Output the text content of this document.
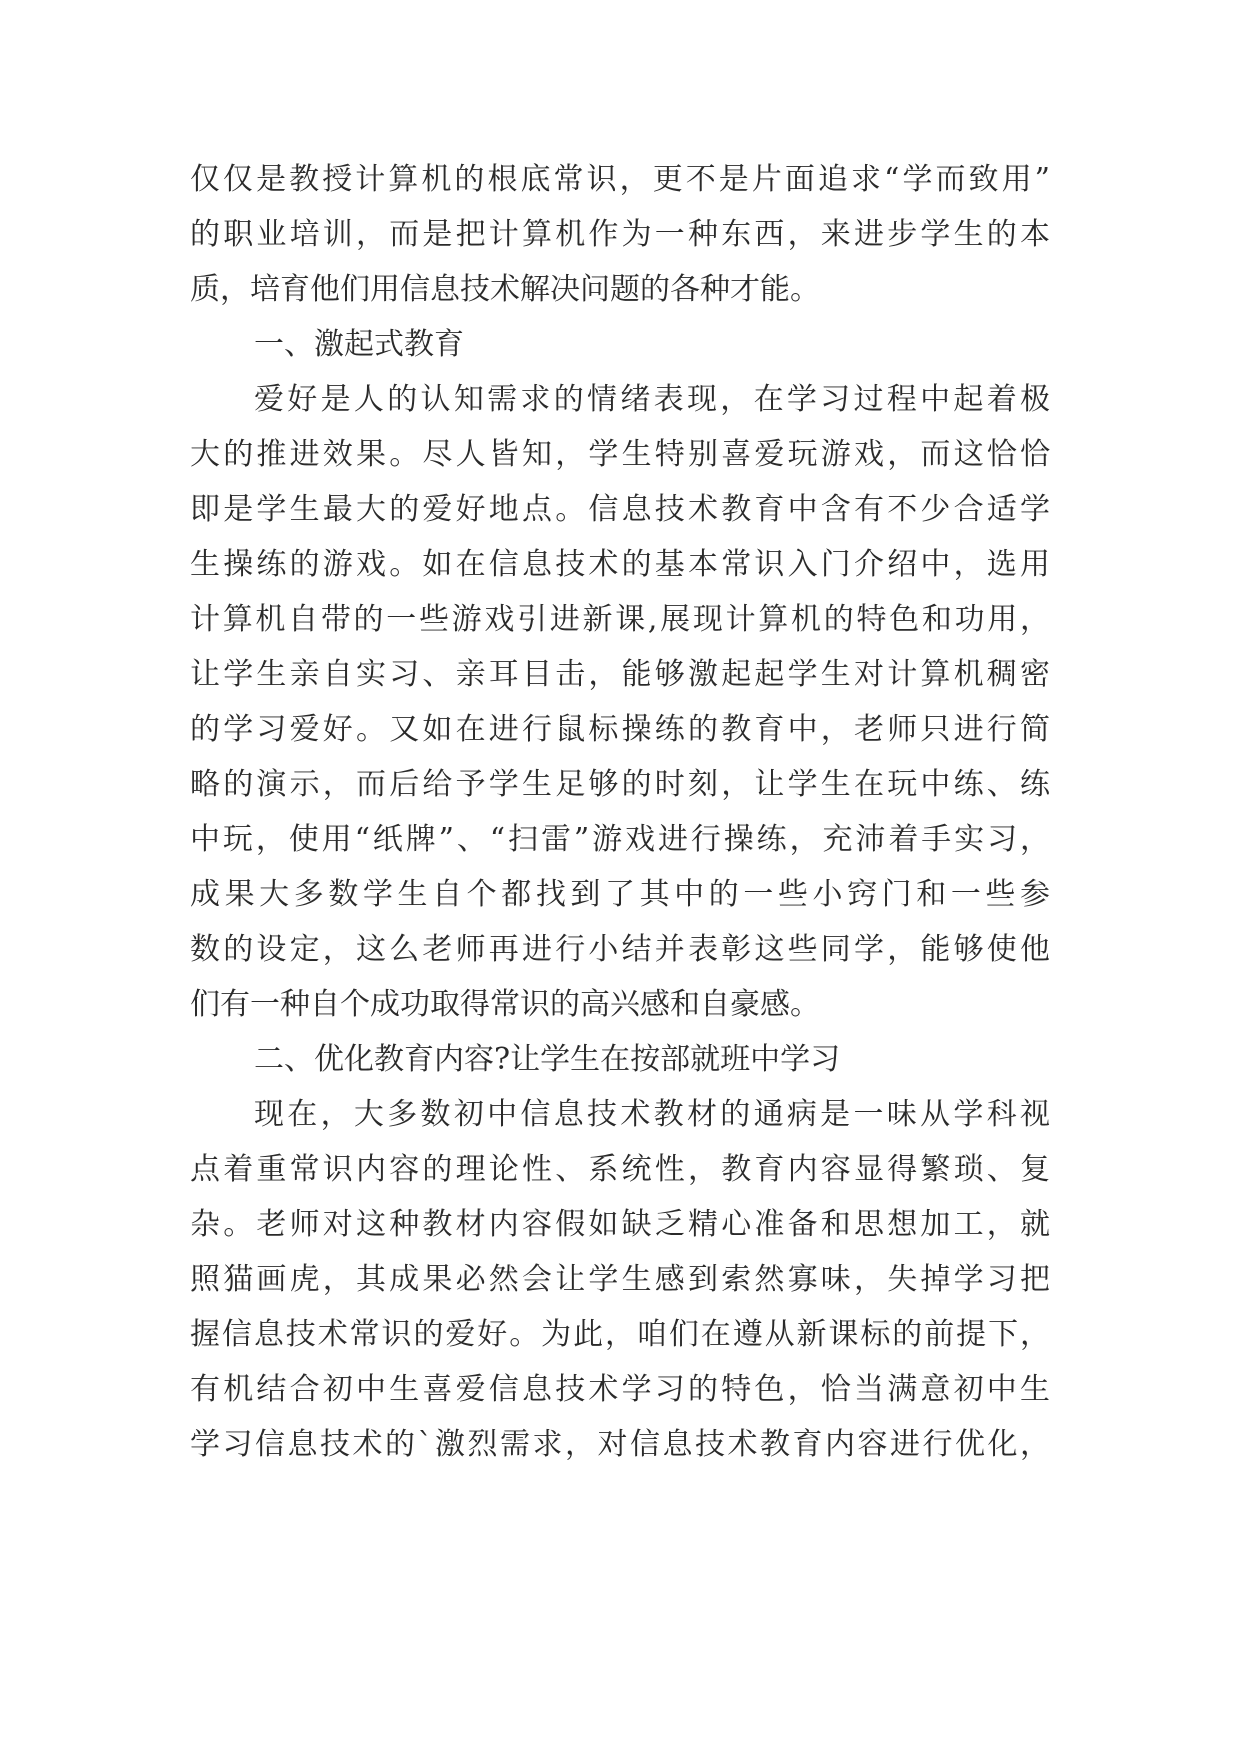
仅仅是教授计算机的根底常识，更不是片面追求“学而致用”
的职业培训，而是把计算机作为一种东西，来进步学生的本
质，培育他们用信息技术解决问题的各种才能。
一、激起式教育
爱好是人的认知需求的情绪表现，在学习过程中起着极
大的推进效果。尽人皆知，学生特别喜爱玩游戏，而这恰恰
即是学生最大的爱好地点。信息技术教育中含有不少合适学
生操练的游戏。如在信息技术的基本常识入门介绍中，选用
计算机自带的一些游戏引进新课,展现计算机的特色和功用，
让学生亲自实习、亲耳目击，能够激起起学生对计算机稠密
的学习爱好。又如在进行鼠标操练的教育中，老师只进行简
略的演示，而后给予学生足够的时刻，让学生在玩中练、练
中玩，使用“纸牌”、“扫雷”游戏进行操练，充沛着手实习，
成果大多数学生自个都找到了其中的一些小窍门和一些参
数的设定，这么老师再进行小结并表彰这些同学，能够使他
们有一种自个成功取得常识的高兴感和自豪感。
二、优化教育内容?让学生在按部就班中学习
现在，大多数初中信息技术教材的通病是一味从学科视
点着重常识内容的理论性、系统性，教育内容显得繁琐、复
杂。老师对这种教材内容假如缺乏精心准备和思想加工，就
照猫画虎，其成果必然会让学生感到索然寡味，失掉学习把
握信息技术常识的爱好。为此，咱们在遵从新课标的前提下，
有机结合初中生喜爱信息技术学习的特色，恰当满意初中生
学习信息技术的`激烈需求，对信息技术教育内容进行优化，
